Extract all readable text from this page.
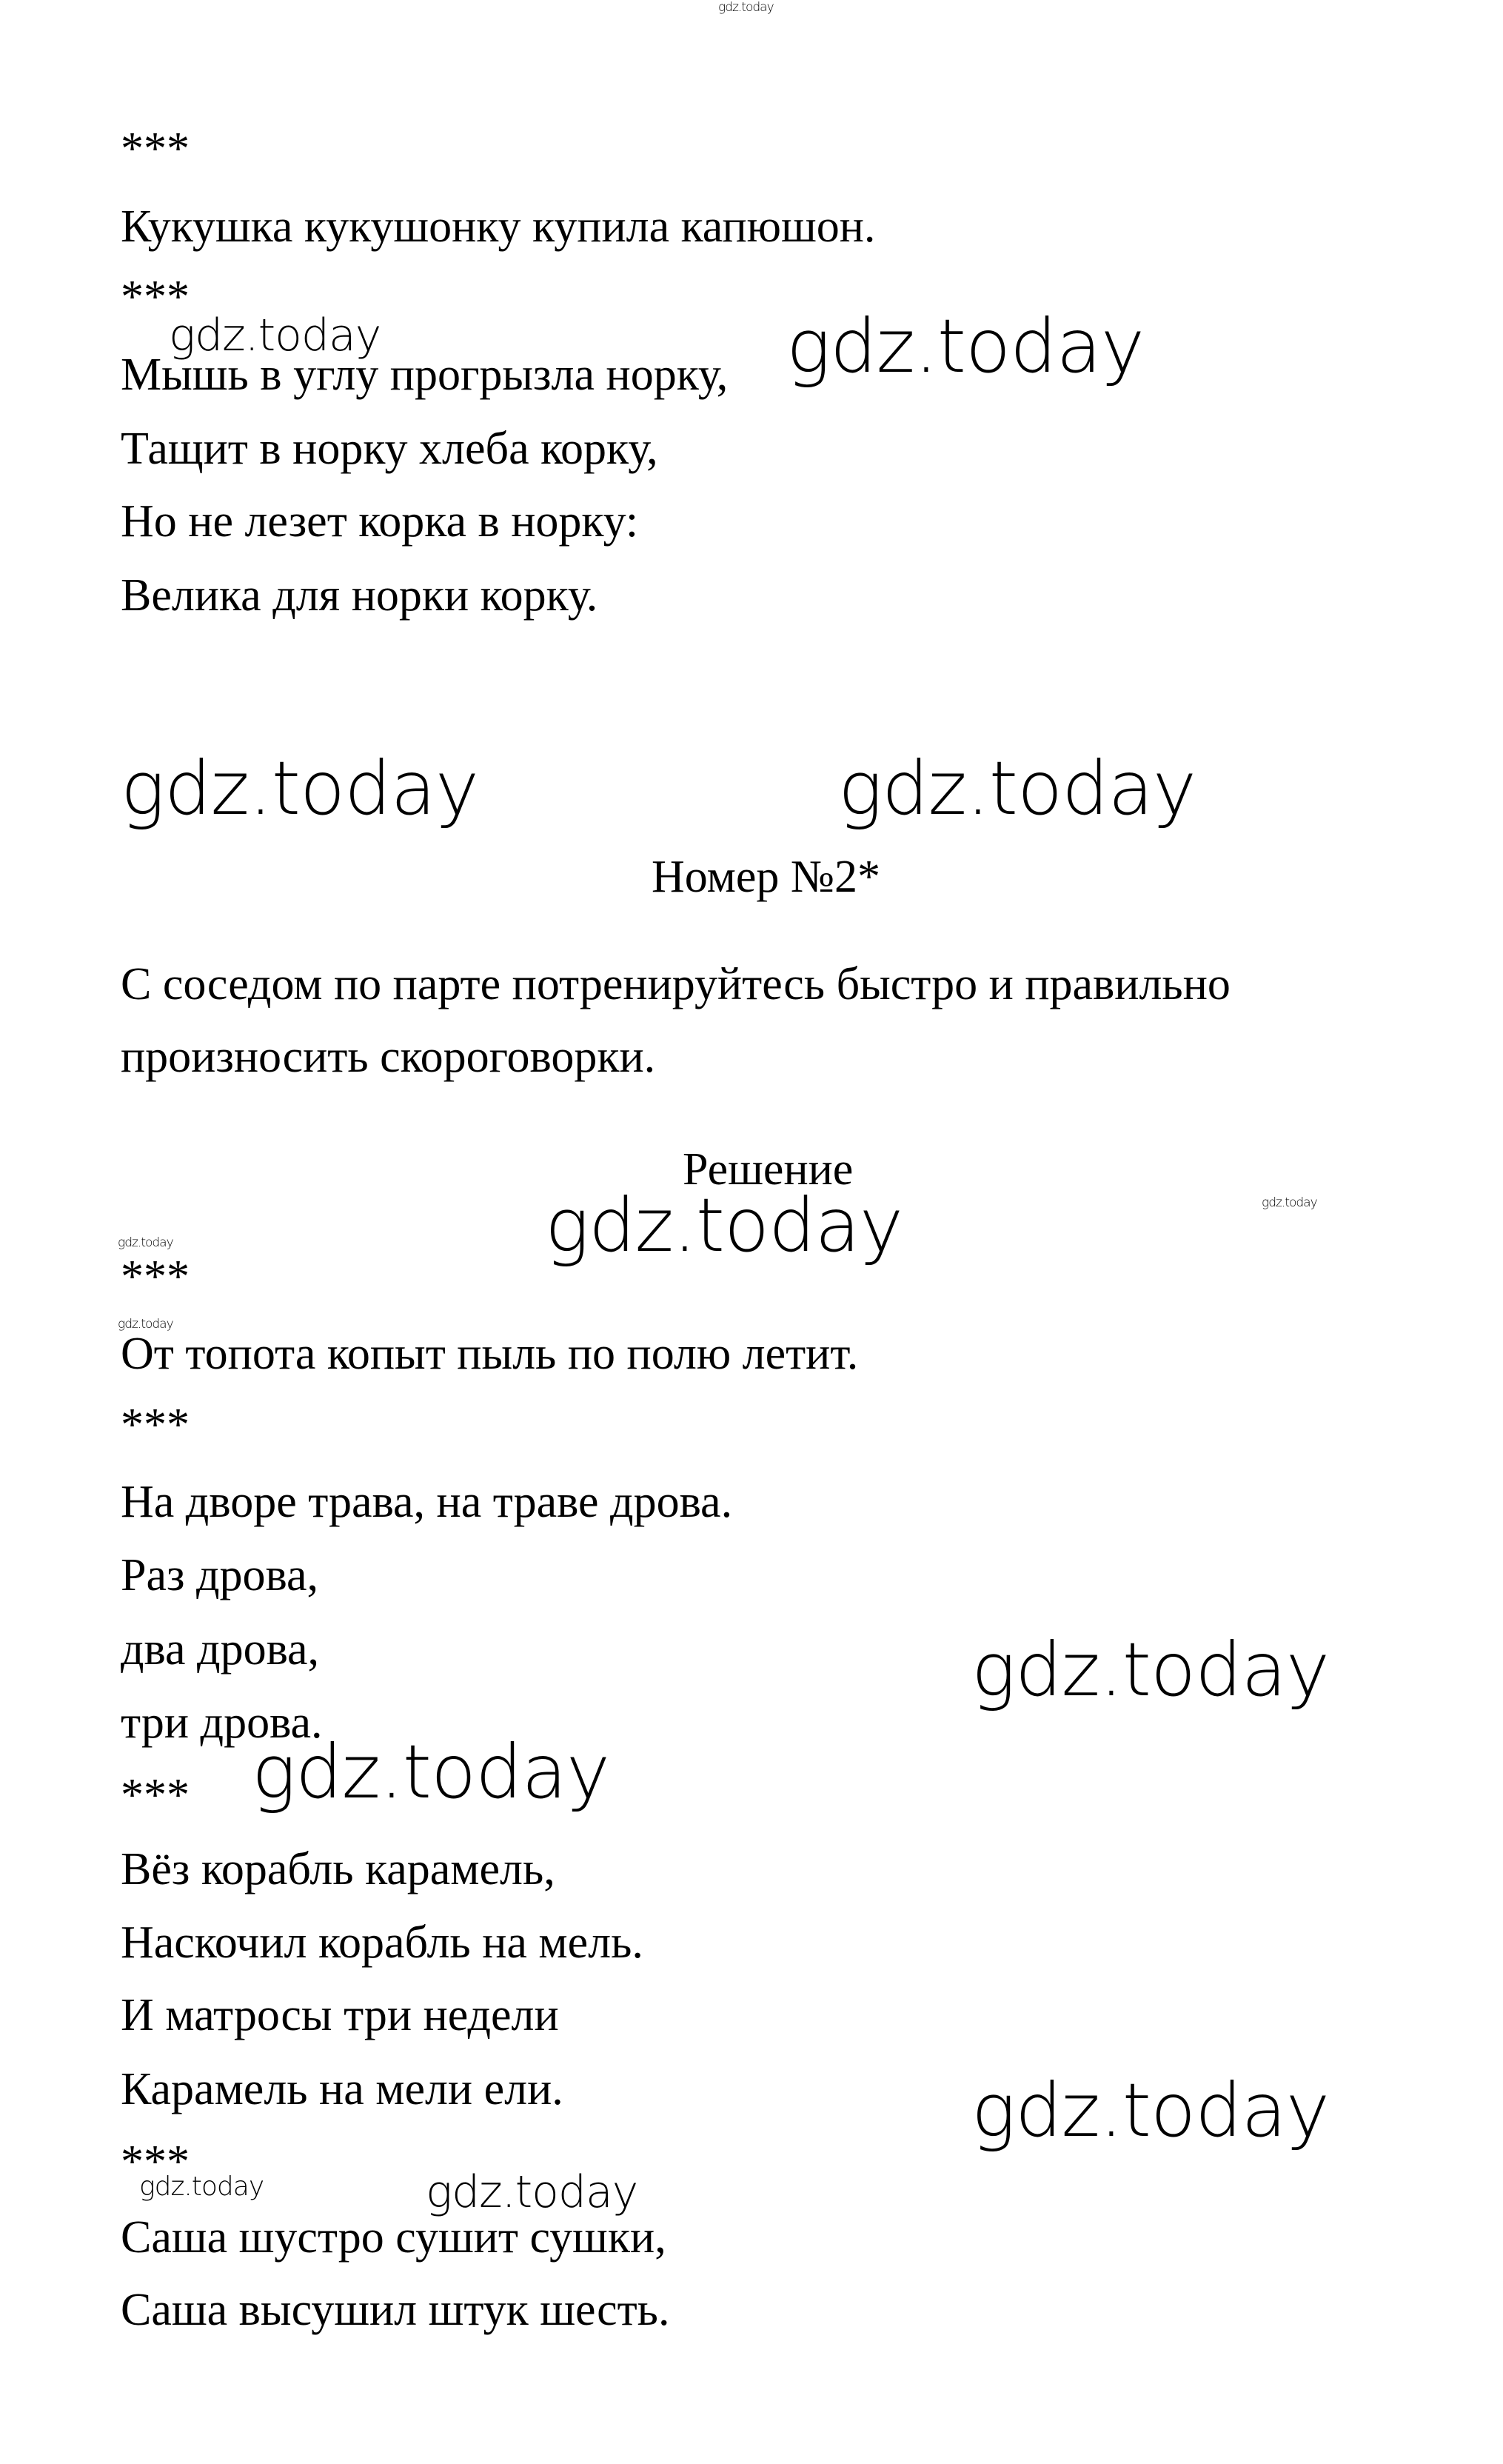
gdz.today
gdz.today	gdz.today
gdz.today	gdz.today
gdz.today	gdz.today
gdz.today
gdz.today
gdz.today
gdz.today
gdz.today
gdz.today	gdz.today
***
Кукушка кукушонку купила капюшон.
***
Мышь в углу прогрызла норку,
Тащит в норку хлеба корку,
Но не лезет корка в норку:
Велика для норки корку.
Номер №2*
С соседом по парте потренируйтесь быстро и правильно
произносить скороговорки.
Решение
***
От топота копыт пыль по полю летит.
***
На дворе трава, на траве дрова.
Раз дрова,
два дрова,
три дрова.
***
Вёз корабль карамель,
Наскочил корабль на мель.
И матросы три недели
Карамель на мели ели.
***
Саша шустро сушит сушки,
Саша высушил штук шесть.
